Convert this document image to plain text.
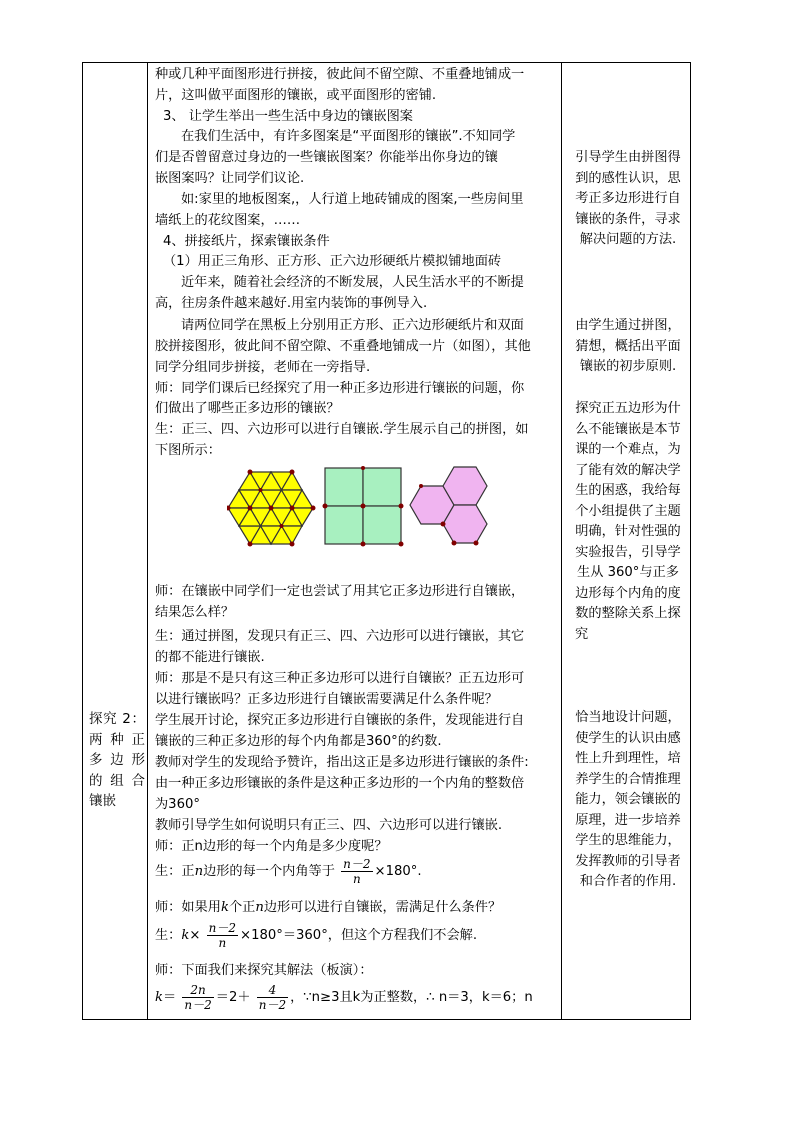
探究 2：
两 种 正
多 边 形
的 组 合
镶嵌
种或几种平面图形进行拼接，彼此间不留空隙、不重叠地铺成一
片，这叫做平面图形的镶嵌，或平面图形的密铺.
3、 让学生举出一些生活中身边的镶嵌图案
在我们生活中，有许多图案是“平面图形的镶嵌”.不知同学
们是否曾留意过身边的一些镶嵌图案？你能举出你身边的镶
嵌图案吗？让同学们议论.
如:家里的地板图案,，人行道上地砖铺成的图案,一些房间里
墙纸上的花纹图案，……
4、拼接纸片，探索镶嵌条件
（1）用正三角形、正方形、正六边形硬纸片模拟铺地面砖
近年来，随着社会经济的不断发展，人民生活水平的不断提
高，往房条件越来越好.用室内装饰的事例导入.
请两位同学在黑板上分别用正方形、正六边形硬纸片和双面
胶拼接图形，彼此间不留空隙、不重叠地铺成一片（如图），其他
同学分组同步拼接，老师在一旁指导.
师：同学们课后已经探究了用一种正多边形进行镶嵌的问题，你
们做出了哪些正多边形的镶嵌？
生：正三、四、六边形可以进行自镶嵌.学生展示自己的拼图，如
下图所示：
师：在镶嵌中同学们一定也尝试了用其它正多边形进行自镶嵌，
结果怎么样？
生：通过拼图，发现只有正三、四、六边形可以进行镶嵌，其它
的都不能进行镶嵌.
师：那是不是只有这三种正多边形可以进行自镶嵌？正五边形可
以进行镶嵌吗？正多边形进行自镶嵌需要满足什么条件呢？
学生展开讨论，探究正多边形进行自镶嵌的条件，发现能进行自
镶嵌的三种正多边形的每个内角都是360°的约数.
教师对学生的发现给予赞许，指出这正是多边形进行镶嵌的条件:
由一种正多边形镶嵌的条件是这种正多边形的一个内角的整数倍
为360°
教师引导学生如何说明只有正三、四、六边形可以进行镶嵌.
师：正n边形的每一个内角是多少度呢？
生：正n边形的每一个内角等于 $\frac{n-2}{n} \times 180^\circ$.
师：如果用k个正n边形可以进行自镶嵌，需满足什么条件？
生：$k\times \frac{n-2}{n} \times 180^\circ=360^\circ$，但这个方程我们不会解.
师：下面我们来探究其解法（板演）：
$k= \frac{2n}{n-2} =2+ \frac{4}{n-2}$ ，∵n≥3且k为正整数，∴ n＝3，k＝6；n
引导学生由拼图得
到的感性认识，思
考正多边形进行自
镶嵌的条件，寻求
解决问题的方法.
由学生通过拼图，
猜想，概括出平面
镶嵌的初步原则.
探究正五边形为什
么不能镶嵌是本节
课的一个难点，为
了能有效的解决学
生的困惑，我给每
个小组提供了主题
明确，针对性强的
实验报告，引导学
生从 360°与正多
边形每个内角的度
数的整除关系上探
究
恰当地设计问题，
使学生的认识由感
性上升到理性，培
养学生的合情推理
能力，领会镶嵌的
原理，进一步培养
学生的思维能力，
发挥教师的引导者
和合作者的作用.
